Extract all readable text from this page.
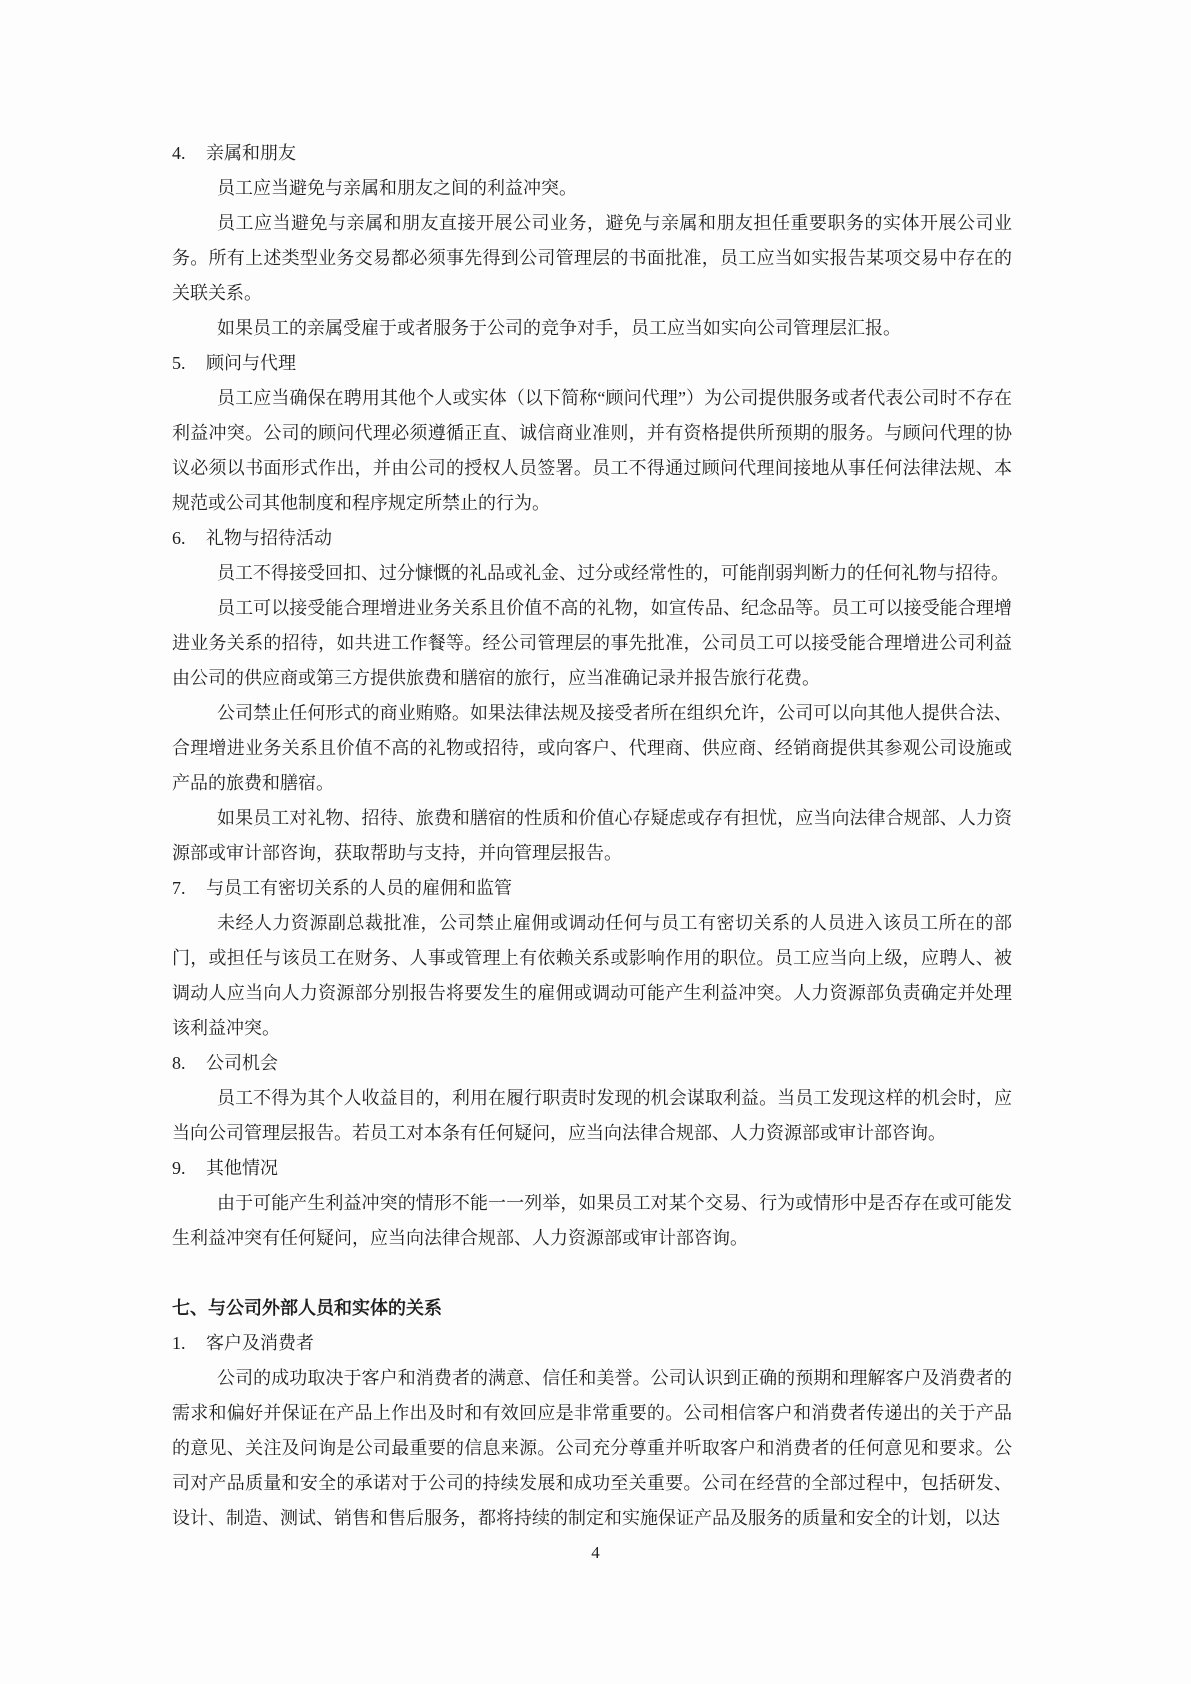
4. 亲属和朋友

员工应当避免与亲属和朋友之间的利益冲突。

员工应当避免与亲属和朋友直接开展公司业务，避免与亲属和朋友担任重要职务的实体开展公司业务。所有上述类型业务交易都必须事先得到公司管理层的书面批准，员工应当如实报告某项交易中存在的关联关系。

如果员工的亲属受雇于或者服务于公司的竞争对手，员工应当如实向公司管理层汇报。

5. 顾问与代理

员工应当确保在聘用其他个人或实体（以下简称“顾问代理”）为公司提供服务或者代表公司时不存在利益冲突。公司的顾问代理必须遵循正直、诚信商业准则，并有资格提供所预期的服务。与顾问代理的协议必须以书面形式作出，并由公司的授权人员签署。员工不得通过顾问代理间接地从事任何法律法规、本规范或公司其他制度和程序规定所禁止的行为。

6. 礼物与招待活动

员工不得接受回扣、过分慷慨的礼品或礼金、过分或经常性的，可能削弱判断力的任何礼物与招待。

员工可以接受能合理增进业务关系且价值不高的礼物，如宣传品、纪念品等。员工可以接受能合理增进业务关系的招待，如共进工作餐等。经公司管理层的事先批准，公司员工可以接受能合理增进公司利益由公司的供应商或第三方提供旅费和膳宿的旅行，应当准确记录并报告旅行花费。

公司禁止任何形式的商业贿赂。如果法律法规及接受者所在组织允许，公司可以向其他人提供合法、合理增进业务关系且价值不高的礼物或招待，或向客户、代理商、供应商、经销商提供其参观公司设施或产品的旅费和膳宿。

如果员工对礼物、招待、旅费和膳宿的性质和价值心存疑虑或存有担忧，应当向法律合规部、人力资源部或审计部咨询，获取帮助与支持，并向管理层报告。

7. 与员工有密切关系的人员的雇佣和监管

未经人力资源副总裁批准，公司禁止雇佣或调动任何与员工有密切关系的人员进入该员工所在的部门，或担任与该员工在财务、人事或管理上有依赖关系或影响作用的职位。员工应当向上级，应聘人、被调动人应当向人力资源部分别报告将要发生的雇佣或调动可能产生利益冲突。人力资源部负责确定并处理该利益冲突。

8. 公司机会

员工不得为其个人收益目的，利用在履行职责时发现的机会谋取利益。当员工发现这样的机会时，应当向公司管理层报告。若员工对本条有任何疑问，应当向法律合规部、人力资源部或审计部咨询。

9. 其他情况

由于可能产生利益冲突的情形不能一一列举，如果员工对某个交易、行为或情形中是否存在或可能发生利益冲突有任何疑问，应当向法律合规部、人力资源部或审计部咨询。

七、与公司外部人员和实体的关系
1. 客户及消费者

公司的成功取决于客户和消费者的满意、信任和美誉。公司认识到正确的预期和理解客户及消费者的需求和偏好并保证在产品上作出及时和有效回应是非常重要的。公司相信客户和消费者传递出的关于产品的意见、关注及问询是公司最重要的信息来源。公司充分尊重并听取客户和消费者的任何意见和要求。公司对产品质量和安全的承诺对于公司的持续发展和成功至关重要。公司在经营的全部过程中，包括研发、设计、制造、测试、销售和售后服务，都将持续的制定和实施保证产品及服务的质量和安全的计划，以达

4
